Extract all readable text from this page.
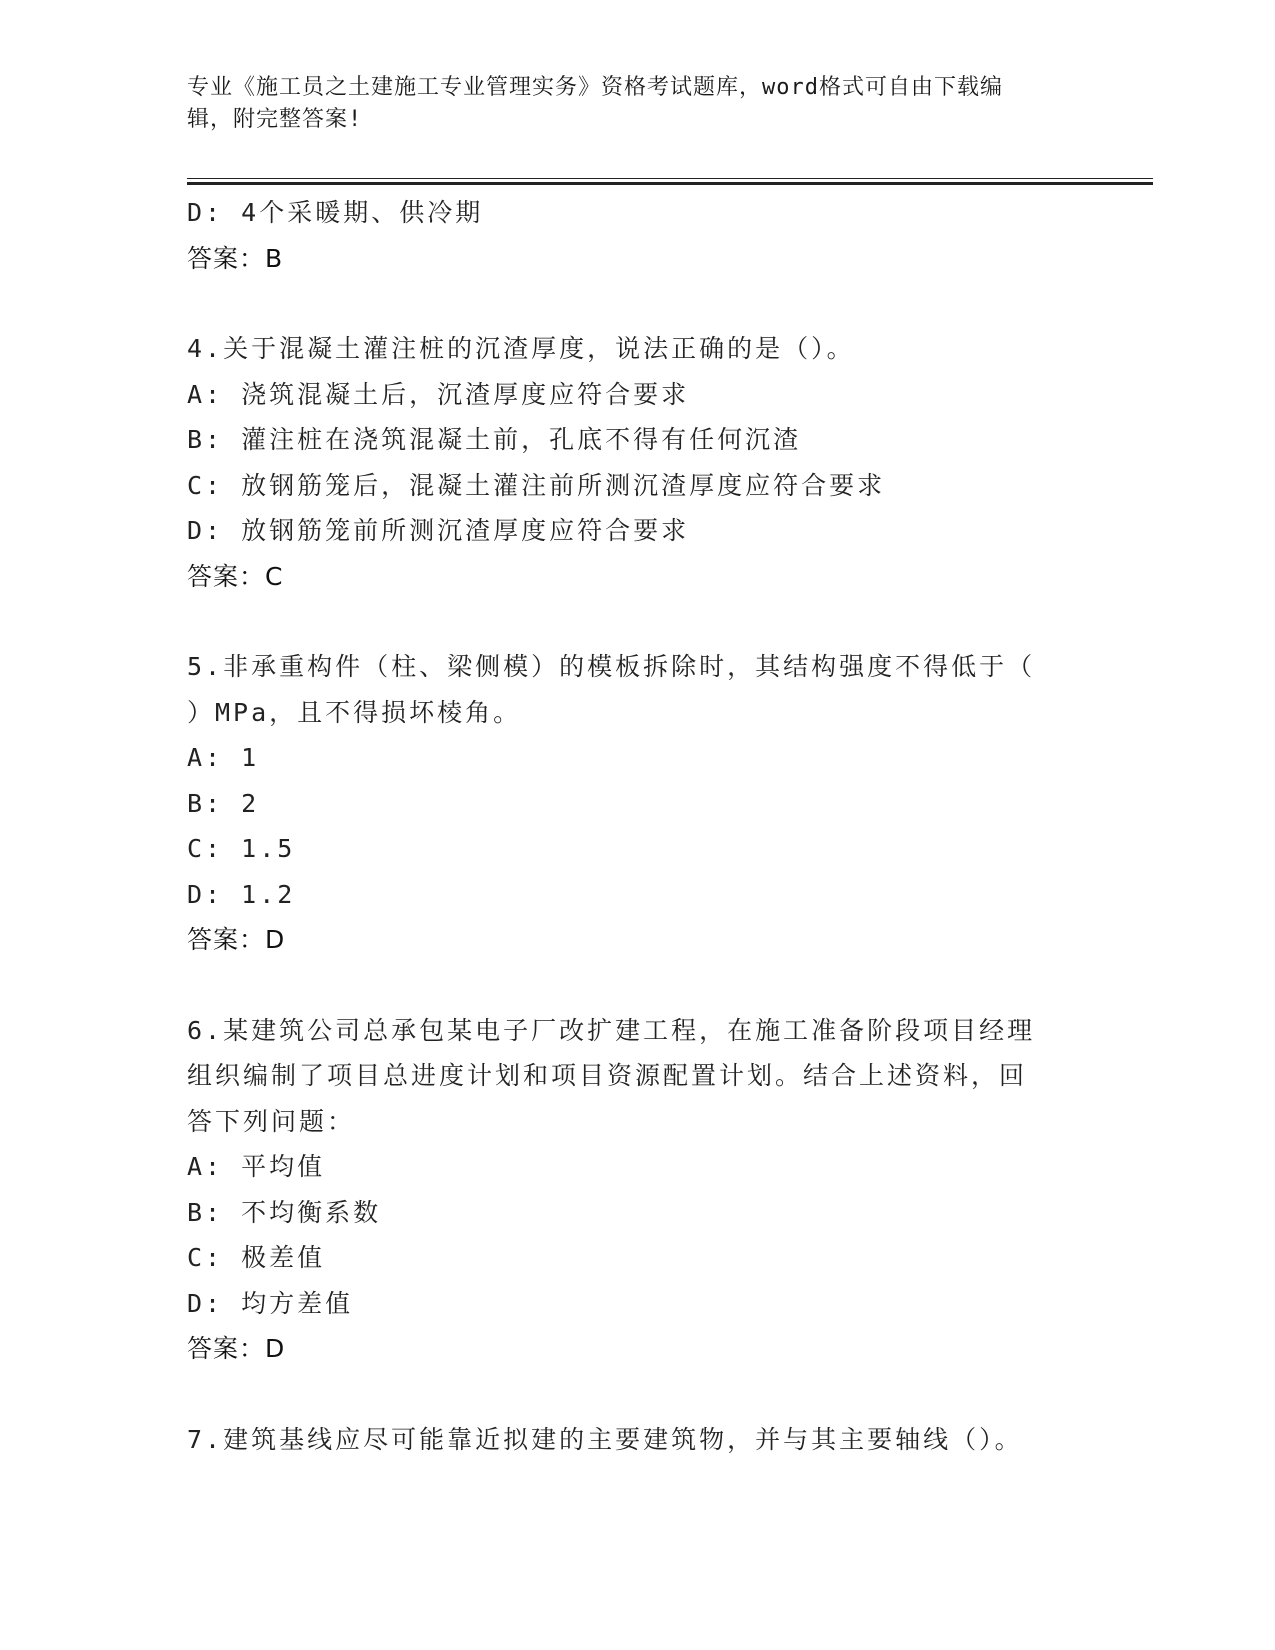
专业《施工员之土建施工专业管理实务》资格考试题库，word格式可自由下载编
辑，附完整答案!
D: 4个采暖期、供冷期
答案：B
4.关于混凝土灌注桩的沉渣厚度，说法正确的是（）。
A: 浇筑混凝土后，沉渣厚度应符合要求
B: 灌注桩在浇筑混凝土前，孔底不得有任何沉渣
C: 放钢筋笼后，混凝土灌注前所测沉渣厚度应符合要求
D: 放钢筋笼前所测沉渣厚度应符合要求
答案：C
5.非承重构件（柱、梁侧模）的模板拆除时，其结构强度不得低于（
）MPa，且不得损坏棱角。
A: 1
B: 2
C: 1.5
D: 1.2
答案：D
6.某建筑公司总承包某电子厂改扩建工程，在施工准备阶段项目经理
组织编制了项目总进度计划和项目资源配置计划。结合上述资料，回
答下列问题：
A: 平均值
B: 不均衡系数
C: 极差值
D: 均方差值
答案：D
7.建筑基线应尽可能靠近拟建的主要建筑物，并与其主要轴线（）。
